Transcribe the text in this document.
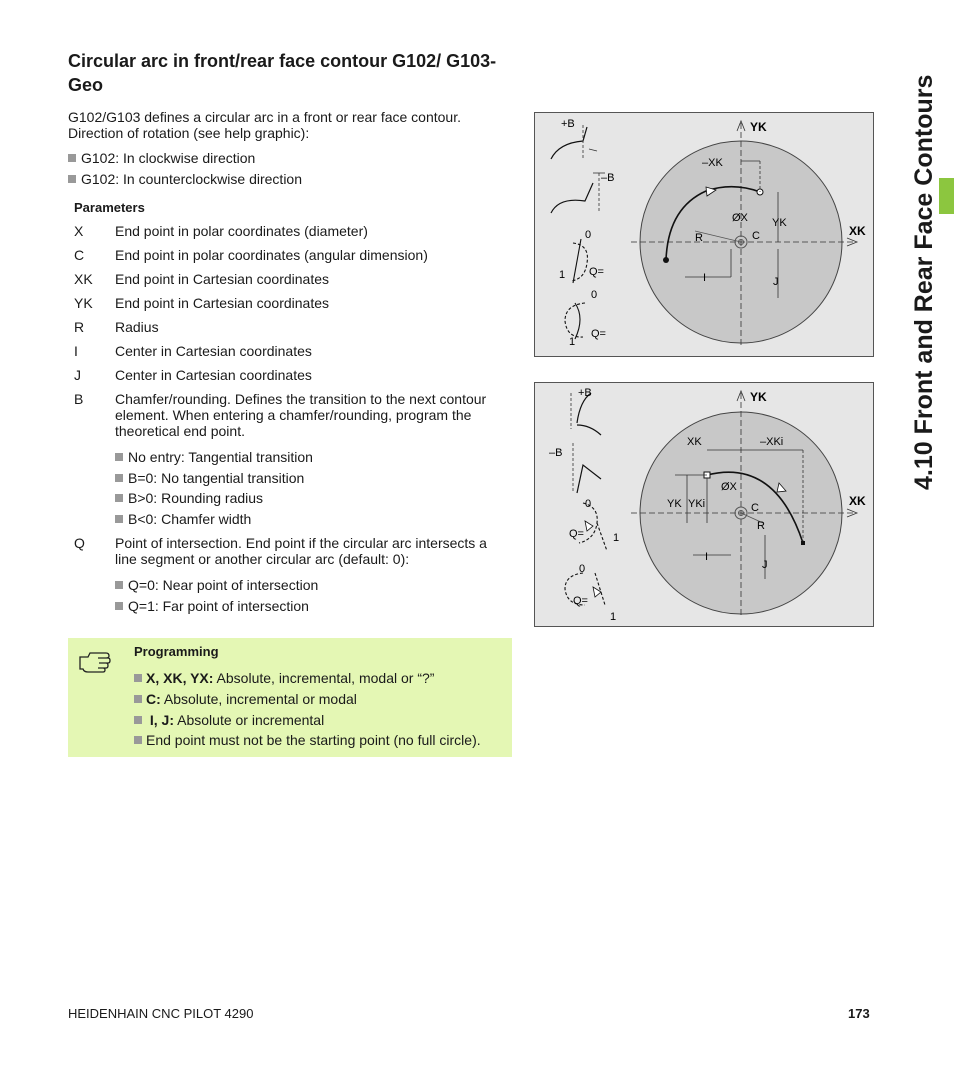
Circular arc in front/rear face contour G102/ G103-Geo
G102/G103 defines a circular arc in a front or rear face contour. Direction of rotation (see help graphic):
G102: In clockwise direction
G102: In counterclockwise direction
Parameters
X	End point in polar coordinates (diameter)
C	End point in polar coordinates (angular dimension)
XK	End point in Cartesian coordinates
YK	End point in Cartesian coordinates
R	Radius
I	Center in Cartesian coordinates
J	Center in Cartesian coordinates
B	Chamfer/rounding. Defines the transition to the next contour element. When entering a chamfer/rounding, program the theoretical end point.
No entry: Tangential transition
B=0: No tangential transition
B>0: Rounding radius
B<0: Chamfer width
Q	Point of intersection. End point if the circular arc intersects a line segment or another circular arc (default: 0):
Q=0: Near point of intersection
Q=1: Far point of intersection
Programming
X, XK, YX: Absolute, incremental, modal or “?”
C: Absolute, incremental or modal
I, J: Absolute or incremental
End point must not be the starting point (no full circle).
+B
–B
0
1 Q=
0
1
Q=
YK
XK
–XK
ØX YK
R	C
I	J
+B
–B
0
1
Q=
0
1
Q=
YK
XK
XK	–XKi
ØX
YK YKi	C
R
I
J
4.10 Front and Rear Face Contours
HEIDENHAIN CNC PILOT 4290	173
